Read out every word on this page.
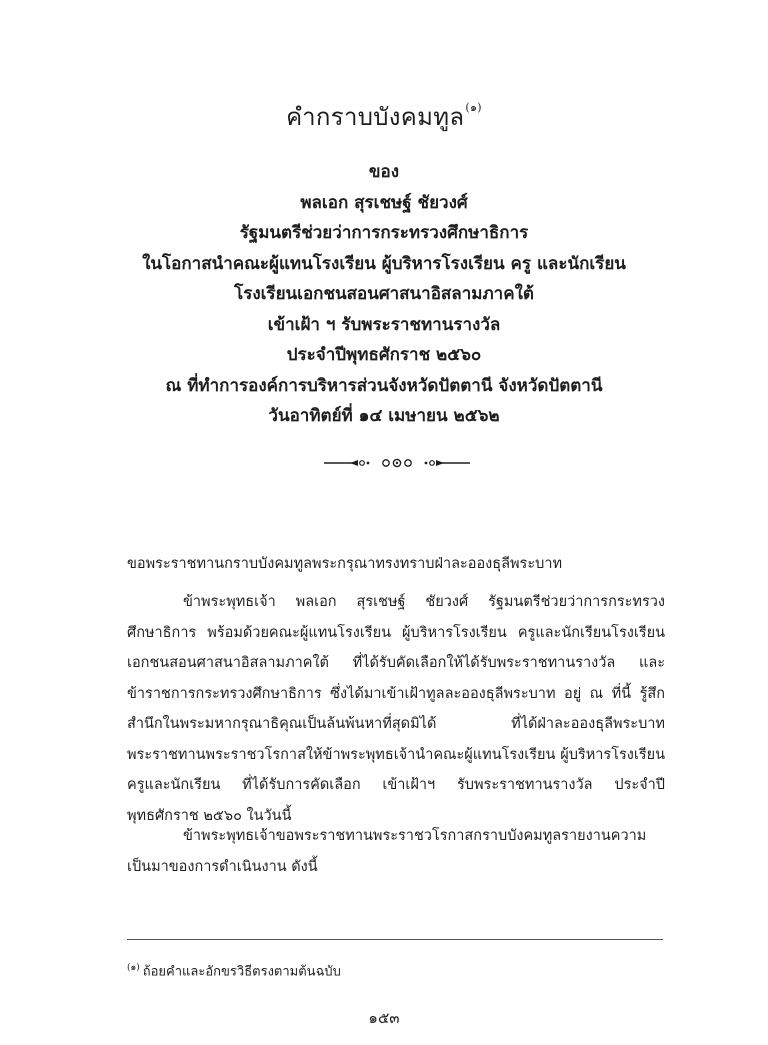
คำกราบบังคมทูล$^{(๑)}$
ของ
พลเอก สุรเชษฐ์ ชัยวงศ์
รัฐมนตรีช่วยว่าการกระทรวงศึกษาธิการ
ในโอกาสนำคณะผู้แทนโรงเรียน ผู้บริหารโรงเรียน ครู และนักเรียน
โรงเรียนเอกชนสอนศาสนาอิสลามภาคใต้
เข้าเฝ้า ฯ รับพระราชทานรางวัล
ประจำปีพุทธศักราช ๒๕๖๐
ณ ที่ทำการองค์การบริหารส่วนจังหวัดปัตตานี จังหวัดปัตตานี
วันอาทิตย์ที่ ๑๔ เมษายน ๒๕๖๒
ขอพระราชทานกราบบังคมทูลพระกรุณาทรงทราบฝ่าละอองธุลีพระบาท
ข้าพระพุทธเจ้า พลเอก สุรเชษฐ์ ชัยวงศ์ รัฐมนตรีช่วยว่าการกระทรวงศึกษาธิการ พร้อมด้วยคณะผู้แทนโรงเรียน ผู้บริหารโรงเรียน ครูและนักเรียนโรงเรียนเอกชนสอนศาสนาอิสลามภาคใต้ ที่ได้รับคัดเลือกให้ได้รับพระราชทานรางวัล และข้าราชการกระทรวงศึกษาธิการ ซึ่งได้มาเข้าเฝ้าทูลละอองธุลีพระบาท อยู่ ณ ที่นี้ รู้สึกสำนึกในพระมหากรุณาธิคุณเป็นล้นพ้นหาที่สุดมิได้ ที่ได้ฝ่าละอองธุลีพระบาทพระราชทานพระราชวโรกาสให้ข้าพระพุทธเจ้านำคณะผู้แทนโรงเรียน ผู้บริหารโรงเรียน ครูและนักเรียน ที่ได้รับการคัดเลือก เข้าเฝ้าฯ รับพระราชทานรางวัล ประจำปีพุทธศักราช ๒๕๖๐ ในวันนี้
ข้าพระพุทธเจ้าขอพระราชทานพระราชวโรกาสกราบบังคมทูลรายงานความเป็นมาของการดำเนินงาน ดังนี้
$^{(๑)}$ ถ้อยคำและอักขรวิธีตรงตามต้นฉบับ
๑๕๓
